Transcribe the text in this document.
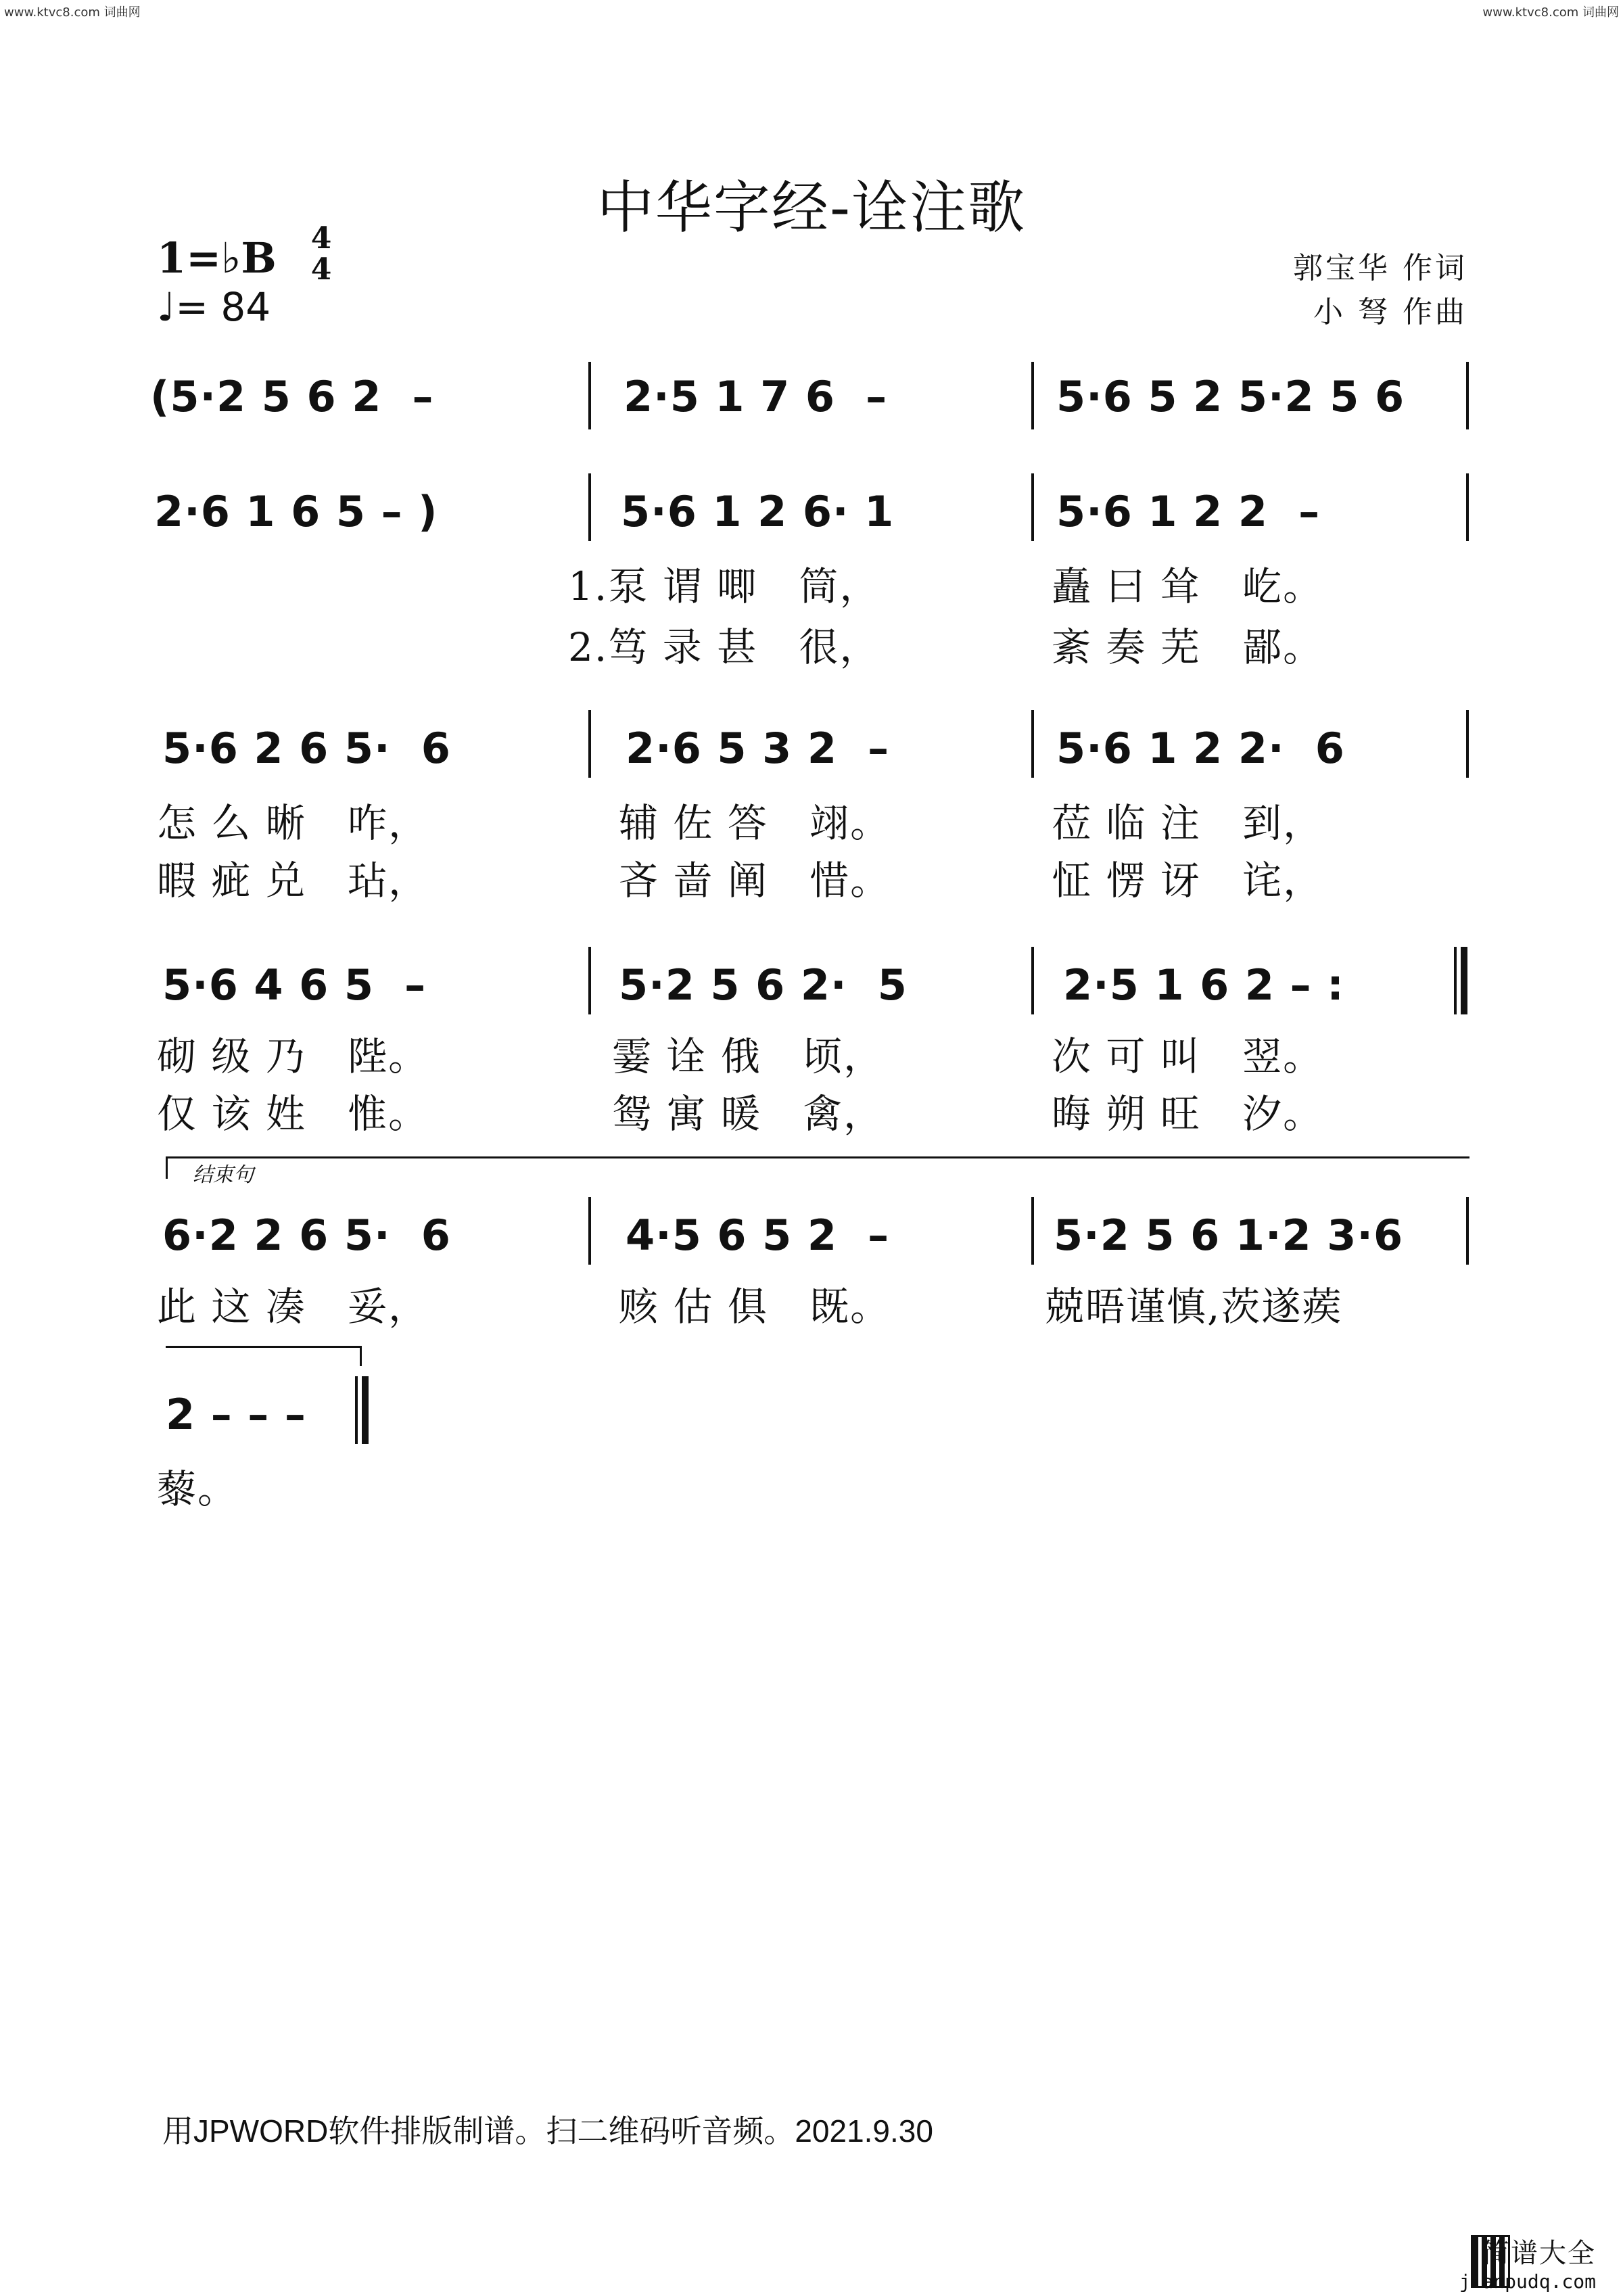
www.ktvc8.com 词曲网	www.ktvc8.com 词曲网
中华字经-诠注歌
1=♭B	4
4
♩= 84
郭宝华 作词
小 弩 作曲
(5·2 5 6 2  –	2·5 1 7 6  –	5·6 5 2 5·2 5 6
2·6 1 6 5 – )	5·6 1 2 6· 1	5·6 1 2 2  –
1.泵 谓 唧   筒，	矗 曰 耸   屹。
2.笃 录 甚   很，	紊 奏 芜   鄙。
5·6 2 6 5·  6	2·6 5 3 2  –	5·6 1 2 2·  6
怎 么 晰   咋，	辅 佐 答   翊。	莅 临 注   到，
暇 疵 兑   玷，	吝 啬 阐   惜。	怔 愣 讶   诧，
5·6 4 6 5  –	5·2 5 6 2·  5	2·5 1 6 2 – :
砌 级 乃   陛。	霎 诠 俄   顷，	次 可 叫   翌。
仅 该 姓   惟。	鸳 寓 暖   禽，	晦 朔 旺   汐。
结束句
6·2 2 6 5·  6	4·5 6 5 2  –	5·2 5 6 1·2 3·6
此 这 凑   妥，	赅 估 俱   既。	兢晤谨慎,茨遂蒺
2 – – –
藜。
用JPWORD软件排版制谱。扫二维码听音频。2021.9.30
简谱大全
jianpudq.com
